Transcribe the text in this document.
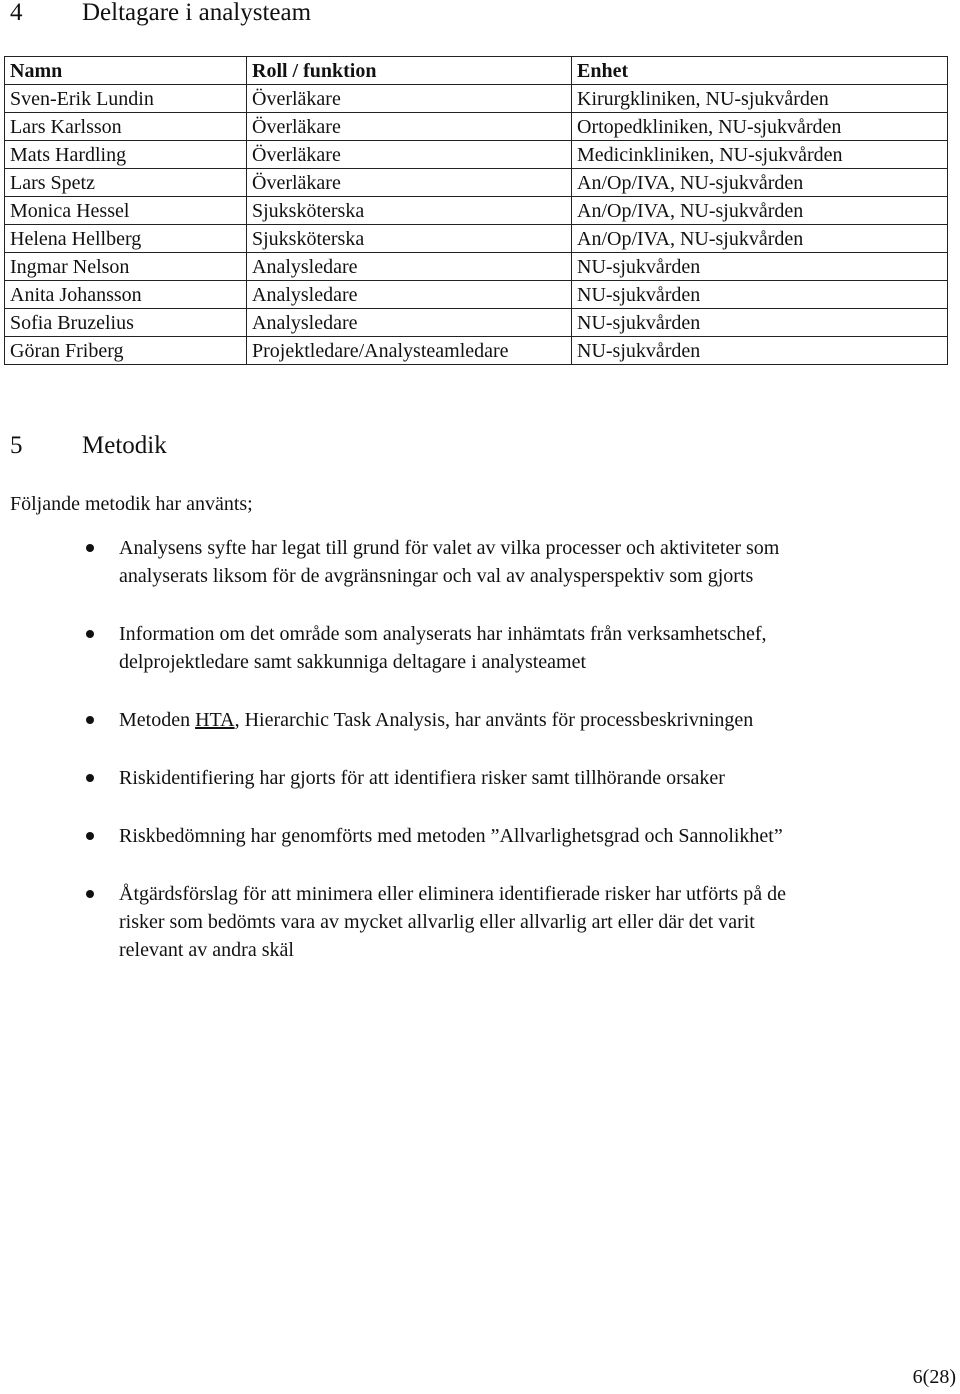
4 Deltagare i analysteam
Namn	Roll / funktion	Enhet
Sven-Erik Lundin	Överläkare	Kirurgkliniken, NU-sjukvården
Lars Karlsson	Överläkare	Ortopedkliniken, NU-sjukvården
Mats Hardling	Överläkare	Medicinkliniken, NU-sjukvården
Lars Spetz	Överläkare	An/Op/IVA, NU-sjukvården
Monica Hessel	Sjuksköterska	An/Op/IVA, NU-sjukvården
Helena Hellberg	Sjuksköterska	An/Op/IVA, NU-sjukvården
Ingmar Nelson	Analysledare	NU-sjukvården
Anita Johansson	Analysledare	NU-sjukvården
Sofia Bruzelius	Analysledare	NU-sjukvården
Göran Friberg	Projektledare/Analysteamledare	NU-sjukvården
5 Metodik
Följande metodik har använts;
Analysens syfte har legat till grund för valet av vilka processer och aktiviteter som
analyserats liksom för de avgränsningar och val av analysperspektiv som gjorts
Information om det område som analyserats har inhämtats från verksamhetschef,
delprojektledare samt sakkunniga deltagare i analysteamet
Metoden HTA, Hierarchic Task Analysis, har använts för processbeskrivningen
Riskidentifiering har gjorts för att identifiera risker samt tillhörande orsaker
Riskbedömning har genomförts med metoden ”Allvarlighetsgrad och Sannolikhet”
Åtgärdsförslag för att minimera eller eliminera identifierade risker har utförts på de
risker som bedömts vara av mycket allvarlig eller allvarlig art eller där det varit
relevant av andra skäl
6(28)
